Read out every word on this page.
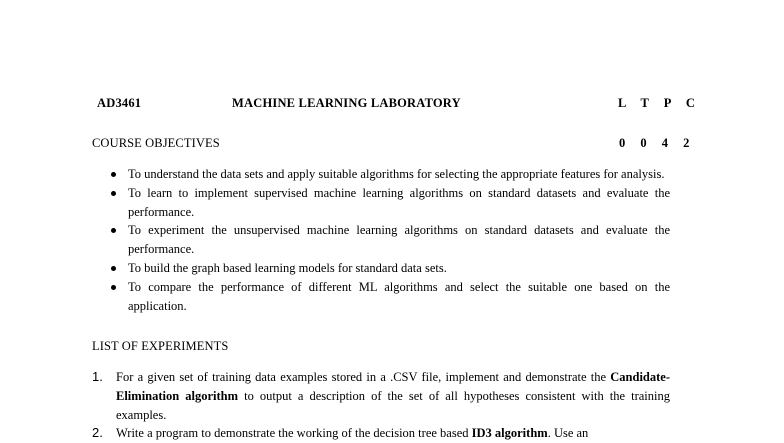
AD3461	MACHINE LEARNING LABORATORY	L T P C
COURSE OBJECTIVES	0 0 4 2
To understand the data sets and apply suitable algorithms for selecting the appropriate features for analysis.
To learn to implement supervised machine learning algorithms on standard datasets and evaluate the performance.
To experiment the unsupervised machine learning algorithms on standard datasets and evaluate the performance.
To build the graph based learning models for standard data sets.
To compare the performance of different ML algorithms and select the suitable one based on the application.
LIST OF EXPERIMENTS
1. For a given set of training data examples stored in a .CSV file, implement and demonstrate the Candidate-Elimination algorithm to output a description of the set of all hypotheses consistent with the training examples.
2. Write a program to demonstrate the working of the decision tree based ID3 algorithm. Use an
